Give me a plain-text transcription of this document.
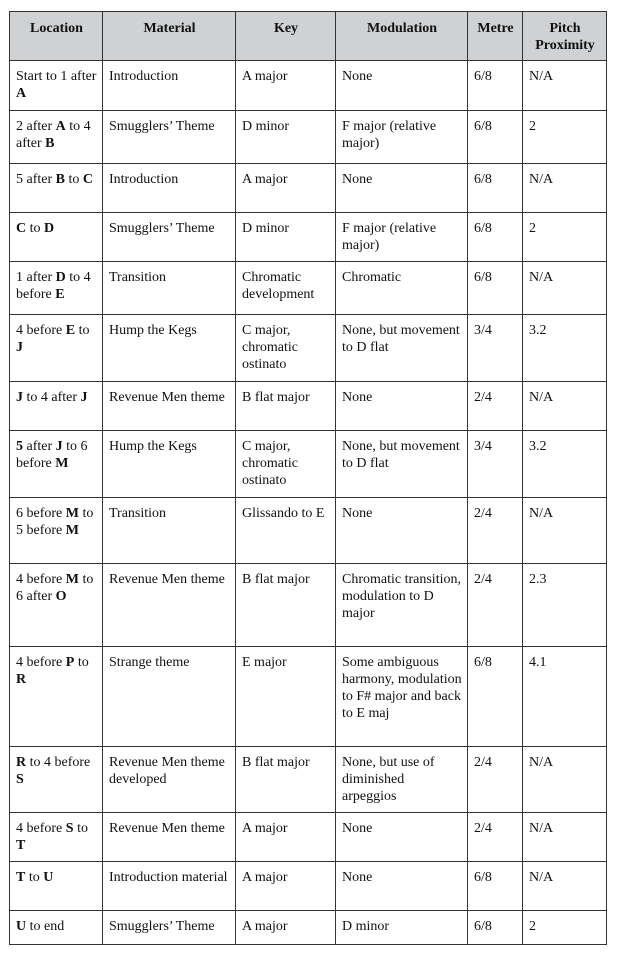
Location	Material	Key	Modulation	Metre	Pitch Proximity
Start to 1 after A	Introduction	A major	None	6/8	N/A
2 after A to 4 after B	Smugglers’ Theme	D minor	F major (relative major)	6/8	2
5 after B to C	Introduction	A major	None	6/8	N/A
C to D	Smugglers’ Theme	D minor	F major (relative major)	6/8	2
1 after D to 4 before E	Transition	Chromatic development	Chromatic	6/8	N/A
4 before E to J	Hump the Kegs	C major, chromatic ostinato	None, but movement to D flat	3/4	3.2
J to 4 after J	Revenue Men theme	B flat major	None	2/4	N/A
5 after J to 6 before M	Hump the Kegs	C major, chromatic ostinato	None, but movement to D flat	3/4	3.2
6 before M to 5 before M	Transition	Glissando to E	None	2/4	N/A
4 before M to 6 after O	Revenue Men theme	B flat major	Chromatic transition, modulation to D major	2/4	2.3
4 before P to R	Strange theme	E major	Some ambiguous harmony, modulation to F# major and back to E maj	6/8	4.1
R to 4 before S	Revenue Men theme developed	B flat major	None, but use of diminished arpeggios	2/4	N/A
4 before S to T	Revenue Men theme	A major	None	2/4	N/A
T to U	Introduction material	A major	None	6/8	N/A
U to end	Smugglers’ Theme	A major	D minor	6/8	2
